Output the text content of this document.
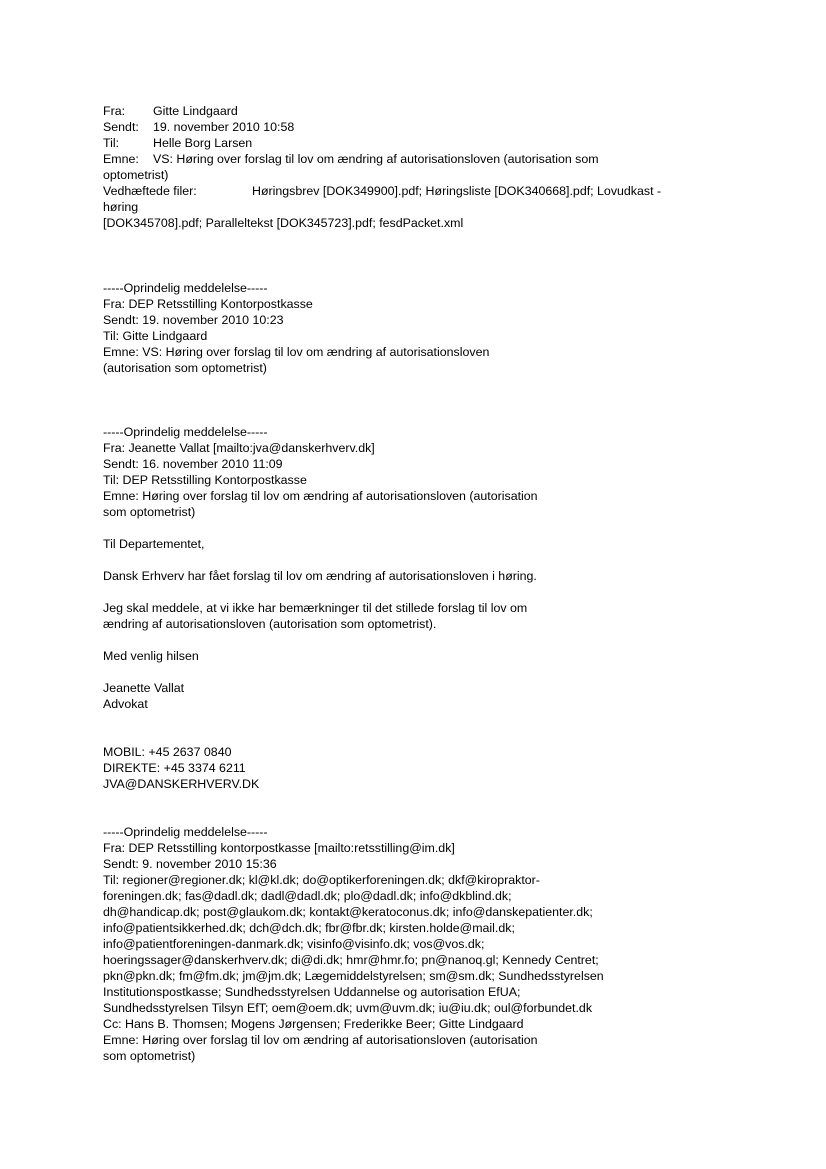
Fra: Gitte Lindgaard
Sendt: 19. november 2010 10:58
Til:	Helle Borg Larsen
Emne: VS: Høring over forslag til lov om ændring af autorisationsloven (autorisation som
optometrist)
Vedhæftede filer:	Høringsbrev [DOK349900].pdf; Høringsliste [DOK340668].pdf; Lovudkast -
høring
[DOK345708].pdf; Paralleltekst [DOK345723].pdf; fesdPacket.xml
-----Oprindelig meddelelse-----
Fra: DEP Retsstilling Kontorpostkasse
Sendt: 19. november 2010 10:23
Til: Gitte Lindgaard
Emne: VS: Høring over forslag til lov om ændring af autorisationsloven
(autorisation som optometrist)
-----Oprindelig meddelelse-----
Fra: Jeanette Vallat [mailto:jva@danskerhverv.dk]
Sendt: 16. november 2010 11:09
Til: DEP Retsstilling Kontorpostkasse
Emne: Høring over forslag til lov om ændring af autorisationsloven (autorisation
som optometrist)
Til Departementet,
Dansk Erhverv har fået forslag til lov om ændring af autorisationsloven i høring.
Jeg skal meddele, at vi ikke har bemærkninger til det stillede forslag til lov om
ændring af autorisationsloven (autorisation som optometrist).
Med venlig hilsen
Jeanette Vallat
Advokat
MOBIL: +45 2637 0840
DIREKTE: +45 3374 6211
JVA@DANSKERHVERV.DK
-----Oprindelig meddelelse-----
Fra: DEP Retsstilling kontorpostkasse [mailto:retsstilling@im.dk]
Sendt: 9. november 2010 15:36
Til: regioner@regioner.dk; kl@kl.dk; do@optikerforeningen.dk; dkf@kiropraktor-
foreningen.dk; fas@dadl.dk; dadl@dadl.dk; plo@dadl.dk; info@dkblind.dk;
dh@handicap.dk; post@glaukom.dk; kontakt@keratoconus.dk; info@danskepatienter.dk;
info@patientsikkerhed.dk; dch@dch.dk; fbr@fbr.dk; kirsten.holde@mail.dk;
info@patientforeningen-danmark.dk; visinfo@visinfo.dk; vos@vos.dk;
hoeringssager@danskerhverv.dk; di@di.dk; hmr@hmr.fo; pn@nanoq.gl; Kennedy Centret;
pkn@pkn.dk; fm@fm.dk; jm@jm.dk; Lægemiddelstyrelsen; sm@sm.dk; Sundhedsstyrelsen
Institutionspostkasse; Sundhedsstyrelsen Uddannelse og autorisation EfUA;
Sundhedsstyrelsen Tilsyn EfT; oem@oem.dk; uvm@uvm.dk; iu@iu.dk; oul@forbundet.dk
Cc: Hans B. Thomsen; Mogens Jørgensen; Frederikke Beer; Gitte Lindgaard
Emne: Høring over forslag til lov om ændring af autorisationsloven (autorisation
som optometrist)
